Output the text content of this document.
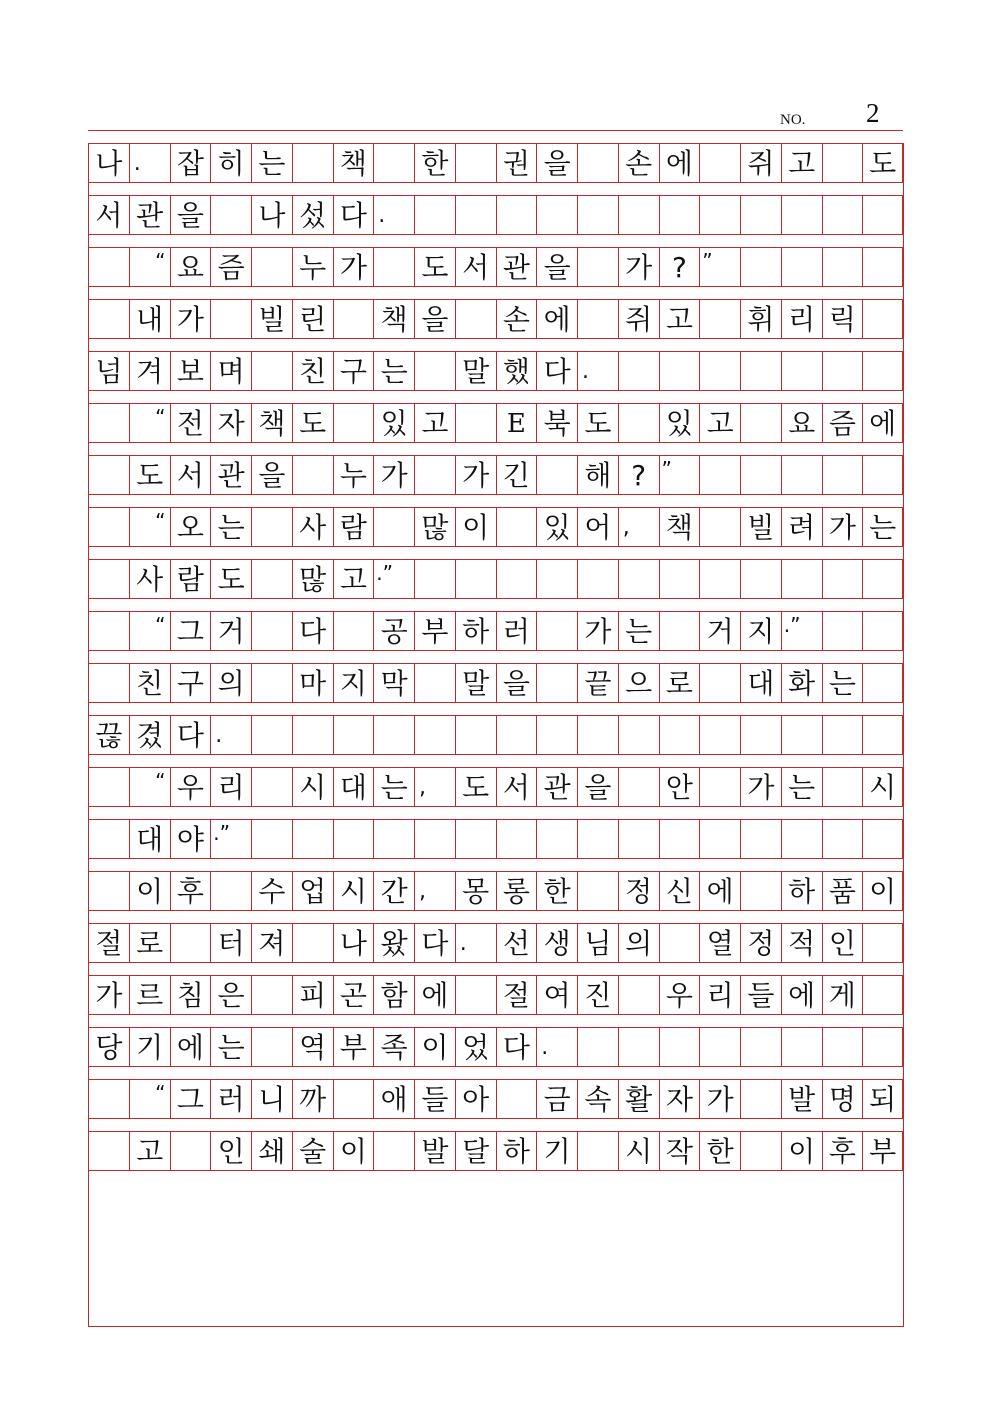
NO. 2
나 .	잡 히 는 책 한 권 을 손 에 쥐 고 도
서 관 을 나 섰 다 .
“ 요 즘 누 가 도 서 관 을 가 ? ”
내 가 빌 린 책 을 손 에 쥐 고 휘 리 릭
넘 겨 보 며 친 구 는 말 했 다 .
“ 전 자 책 도 있 고	E 북 도 있 고 요 즘 에
도 서 관 을 누 가 가 긴 해 ? ”
“ 오 는 사 람 많 이 있 어 ,	책 빌 려 가 는
사 람 도 많 고 .”
“ 그 거 다 공 부 하 러 가 는 거 지 .”
친 구 의 마 지 막 말 을 끝 으 로 대 화 는
끊 겼 다 .
“ 우 리 시 대 는 ,	도 서 관 을 안 가 는 시
대 야 .”
이 후 수 업 시 간 ,	몽 롱 한 정 신 에 하 품 이
절 로 터 져 나 왔 다 .	선 생 님 의 열 정 적 인
가 르 침 은 피 곤 함 에 절 여 진 우 리 들 에 게
당 기 에 는 역 부 족 이 었 다 .
“ 그 러 니 까 애 들 아 금 속 활 자 가 발 명 되
고 인 쇄 술 이 발 달 하 기 시 작 한 이 후 부
